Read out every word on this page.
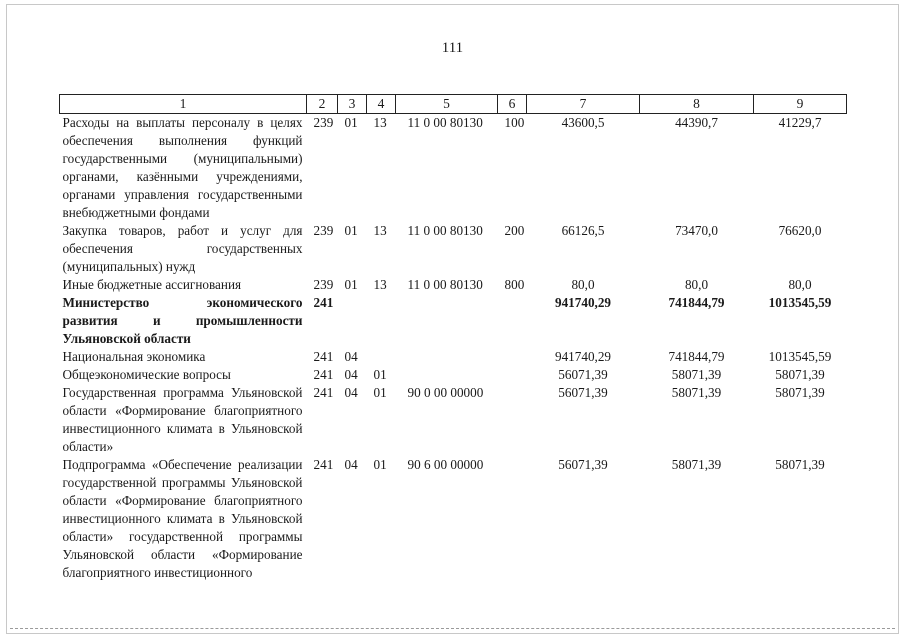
111
1	2	3	4	5	6	7	8	9
Расходы на выплаты персоналу в целях обеспечения выполнения функций государственными (муниципальными) органами, казёнными учреждениями, органами управления государственными внебюджетными фондами	239	01	13	11 0 00 80130	100	43600,5	44390,7	41229,7
Закупка товаров, работ и услуг для обеспечения государственных (муниципальных) нужд	239	01	13	11 0 00 80130	200	66126,5	73470,0	76620,0
Иные бюджетные ассигнования	239	01	13	11 0 00 80130	800	80,0	80,0	80,0
Министерство экономического развития и промышленности Ульяновской области	241					941740,29	741844,79	1013545,59
Национальная экономика	241	04				941740,29	741844,79	1013545,59
Общеэкономические вопросы	241	04	01			56071,39	58071,39	58071,39
Государственная программа Ульяновской области «Формирование благоприятного инвестиционного климата в Ульяновской области»	241	04	01	90 0 00 00000		56071,39	58071,39	58071,39
Подпрограмма «Обеспечение реализации государственной программы Ульяновской области «Формирование благоприятного инвестиционного климата в Ульяновской области» государственной программы Ульяновской области «Формирование благоприятного инвестиционного	241	04	01	90 6 00 00000		56071,39	58071,39	58071,39
